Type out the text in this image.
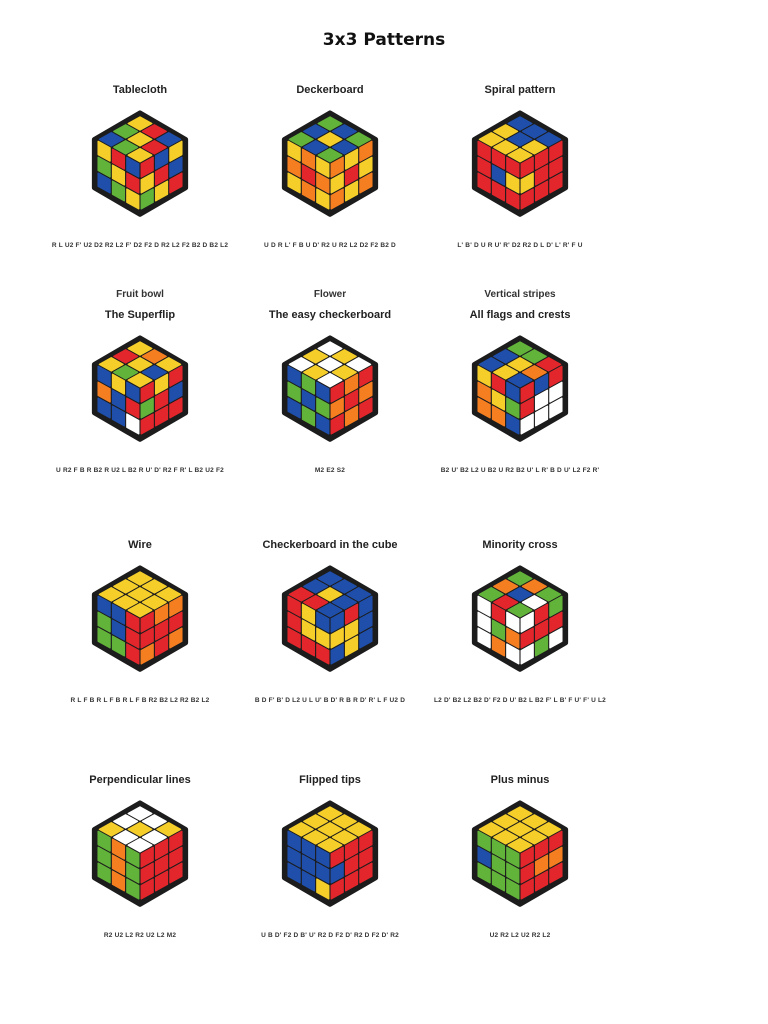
3x3 Patterns
Tablecloth
R L U2 F' U2 D2 R2 L2 F' D2 F2 D R2 L2 F2 B2 D B2 L2
Deckerboard
U D R L' F B U D' R2 U R2 L2 D2 F2 B2 D
Spiral pattern
L' B' D U R U' R' D2 R2 D L D' L' R' F U
Fruit bowl
The Superflip
U R2 F B R B2 R U2 L B2 R U' D' R2 F R' L B2 U2 F2
Flower
The easy checkerboard
M2 E2 S2
Vertical stripes
All flags and crests
B2 U' B2 L2 U B2 U R2 B2 U' L R' B D U' L2 F2 R'
Wire
R L F B R L F B R L F B R2 B2 L2 R2 B2 L2
Checkerboard in the cube
B D F' B' D L2 U L U' B D' R B R D' R' L F U2 D
Minority cross
L2 D' B2 L2 B2 D' F2 D U' B2 L B2 F' L B' F U' F' U L2
Perpendicular lines
R2 U2 L2 R2 U2 L2 M2
Flipped tips
U B D' F2 D B' U' R2 D F2 D' R2 D F2 D' R2
Plus minus
U2 R2 L2 U2 R2 L2
